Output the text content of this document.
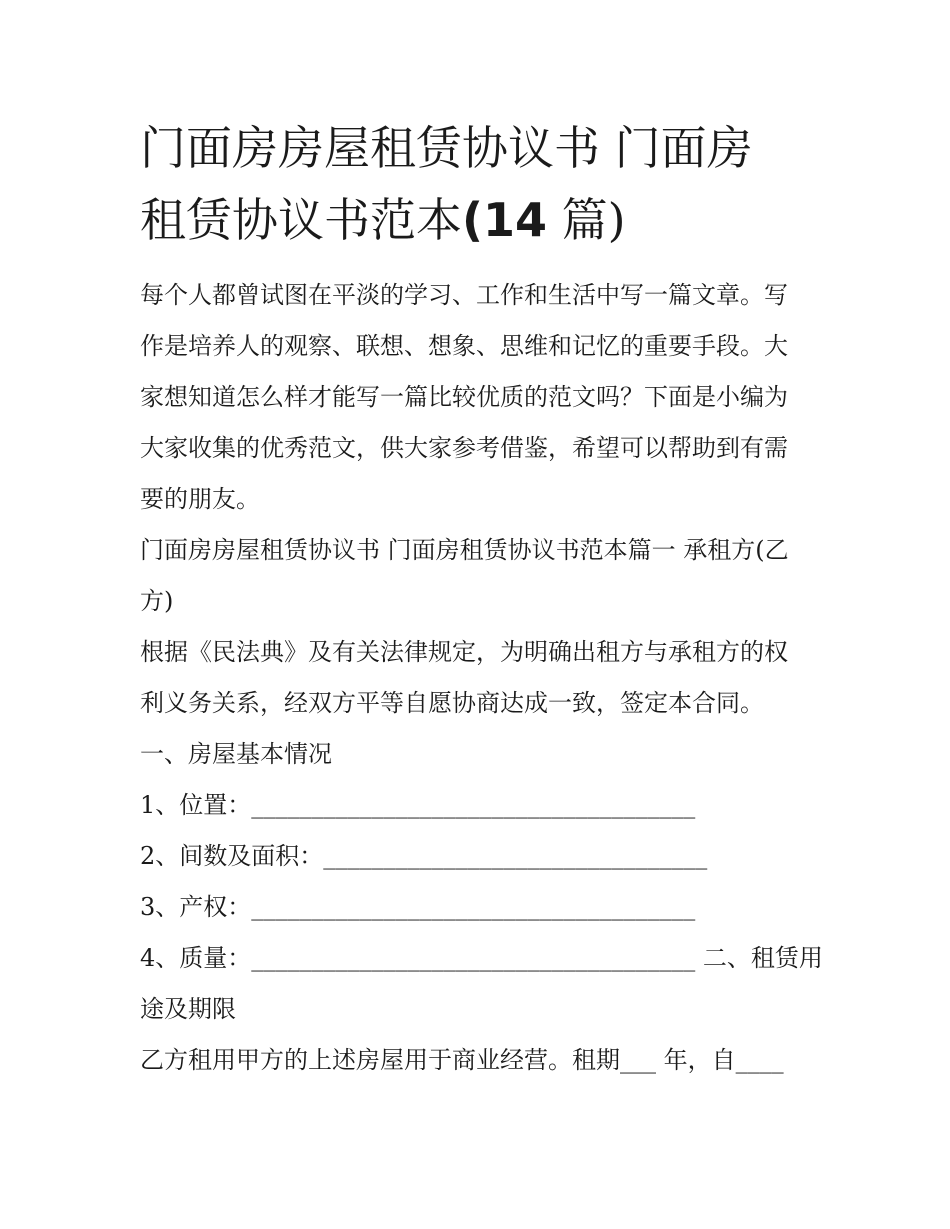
门面房房屋租赁协议书 门面房
租赁协议书范本(14 篇)

每个人都曾试图在平淡的学习、工作和生活中写一篇文章。写

作是培养人的观察、联想、想象、思维和记忆的重要手段。大

家想知道怎么样才能写一篇比较优质的范文吗？下面是小编为

大家收集的优秀范文，供大家参考借鉴，希望可以帮助到有需

要的朋友。

门面房房屋租赁协议书 门面房租赁协议书范本篇一 承租方(乙

方)

根据《民法典》及有关法律规定，为明确出租方与承租方的权

利义务关系，经双方平等自愿协商达成一致，签定本合同。

一、房屋基本情况

1、位置：_____________________________________

2、间数及面积：________________________________

3、产权：_____________________________________

4、质量：_____________________________________ 二、租赁用

途及期限

乙方租用甲方的上述房屋用于商业经营。租期___ 年，自____
